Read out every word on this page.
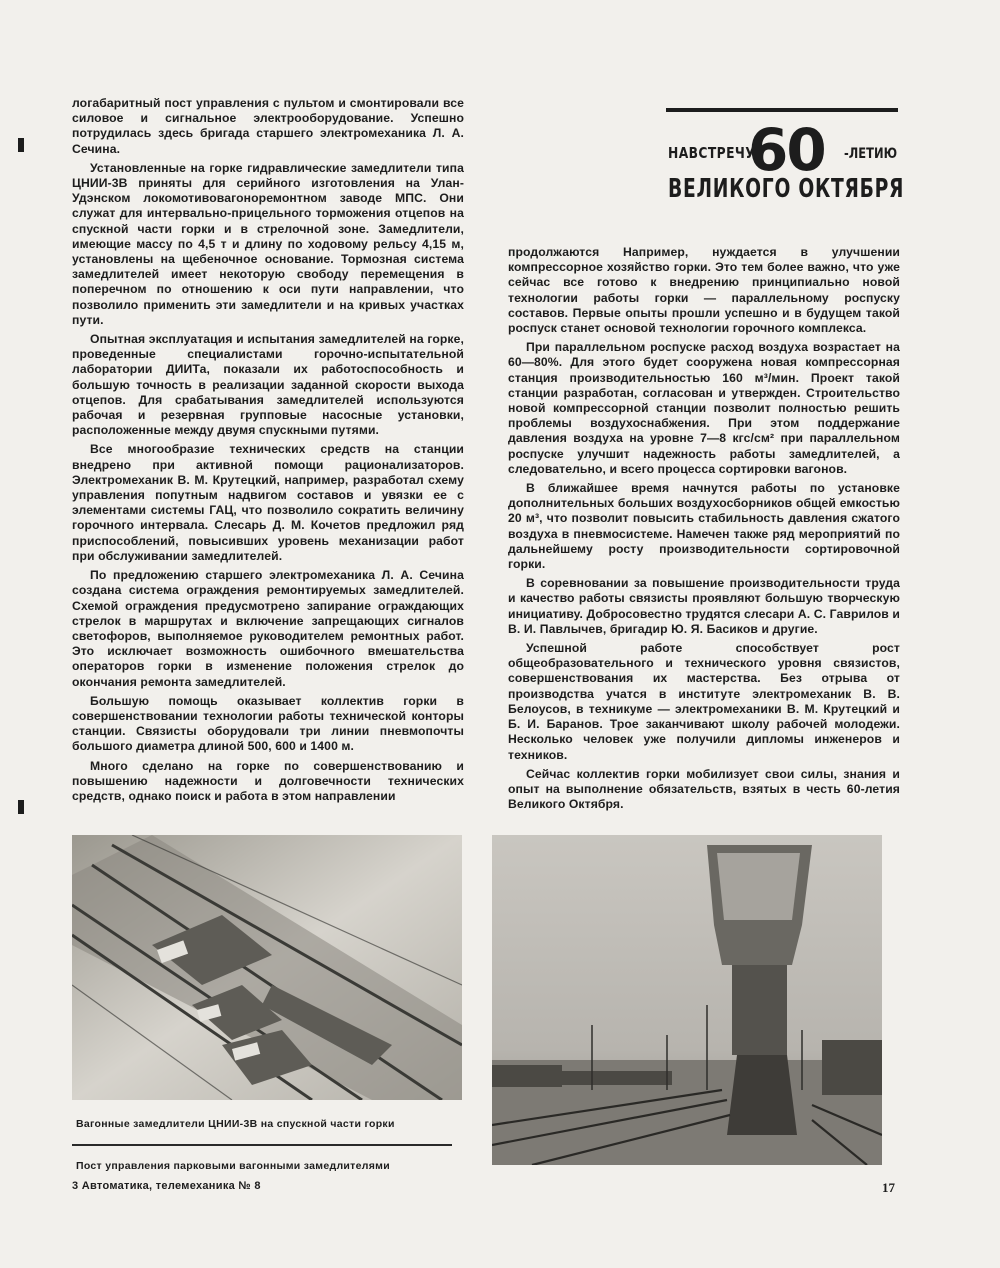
логабаритный пост управления с пультом и смонтировали все силовое и сигнальное электрооборудование. Успешно потрудилась здесь бригада старшего электромеханика Л. А. Сечина.

Установленные на горке гидравлические замедлители типа ЦНИИ-3В приняты для серийного изготовления на Улан-Удэнском локомотивовагоноремонтном заводе МПС. Они служат для интервально-прицельного торможения отцепов на спускной части горки и в стрелочной зоне. Замедлители, имеющие массу по 4,5 т и длину по ходовому рельсу 4,15 м, установлены на щебеночное основание. Тормозная система замедлителей имеет некоторую свободу перемещения в поперечном по отношению к оси пути направлении, что позволило применить эти замедлители и на кривых участках пути.

Опытная эксплуатация и испытания замедлителей на горке, проведенные специалистами горочно-испытательной лаборатории ДИИТа, показали их работоспособность и большую точность в реализации заданной скорости выхода отцепов. Для срабатывания замедлителей используются рабочая и резервная групповые насосные установки, расположенные между двумя спускными путями.

Все многообразие технических средств на станции внедрено при активной помощи рационализаторов. Электромеханик В. М. Крутецкий, например, разработал схему управления попутным надвигом составов и увязки ее с элементами системы ГАЦ, что позволило сократить величину горочного интервала. Слесарь Д. М. Кочетов предложил ряд приспособлений, повысивших уровень механизации работ при обслуживании замедлителей.

По предложению старшего электромеханика Л. А. Сечина создана система ограждения ремонтируемых замедлителей. Схемой ограждения предусмотрено запирание ограждающих стрелок в маршрутах и включение запрещающих сигналов светофоров, выполняемое руководителем ремонтных работ. Это исключает возможность ошибочного вмешательства операторов горки в изменение положения стрелок до окончания ремонта замедлителей.

Большую помощь оказывает коллектив горки в совершенствовании технологии работы технической конторы станции. Связисты оборудовали три линии пневмопочты большого диаметра длиной 500, 600 и 1400 м.

Много сделано на горке по совершенствованию и повышению надежности и долговечности технических средств, однако поиск и работа в этом направлении

НАВСТРЕЧУ
60 -ЛЕТИЮ
ВЕЛИКОГО ОКТЯБРЯ

продолжаются Например, нуждается в улучшении компрессорное хозяйство горки. Это тем более важно, что уже сейчас все готово к внедрению принципиально новой технологии работы горки — параллельному роспуску составов. Первые опыты прошли успешно и в будущем такой роспуск станет основой технологии горочного комплекса.

При параллельном роспуске расход воздуха возрастает на 60—80%. Для этого будет сооружена новая компрессорная станция производительностью 160 м³/мин. Проект такой станции разработан, согласован и утвержден. Строительство новой компрессорной станции позволит полностью решить проблемы воздухоснабжения. При этом поддержание давления воздуха на уровне 7—8 кгс/см² при параллельном роспуске улучшит надежность работы замедлителей, а следовательно, и всего процесса сортировки вагонов.

В ближайшее время начнутся работы по установке дополнительных больших воздухосборников общей емкостью 20 м³, что позволит повысить стабильность давления сжатого воздуха в пневмосистеме. Намечен также ряд мероприятий по дальнейшему росту производительности сортировочной горки.

В соревновании за повышение производительности труда и качество работы связисты проявляют большую творческую инициативу. Добросовестно трудятся слесари А. С. Гаврилов и В. И. Павлычев, бригадир Ю. Я. Басиков и другие.

Успешной работе способствует рост общеобразовательного и технического уровня связистов, совершенствования их мастерства. Без отрыва от производства учатся в институте электромеханик В. В. Белоусов, в техникуме — электромеханики В. М. Крутецкий и Б. И. Баранов. Трое заканчивают школу рабочей молодежи. Несколько человек уже получили дипломы инженеров и техников.

Сейчас коллектив горки мобилизует свои силы, знания и опыт на выполнение обязательств, взятых в честь 60-летия Великого Октября.

Вагонные замедлители ЦНИИ-3В на спускной части горки
Пост управления парковыми вагонными замедлителями
3 Автоматика, телемеханика № 8	17
